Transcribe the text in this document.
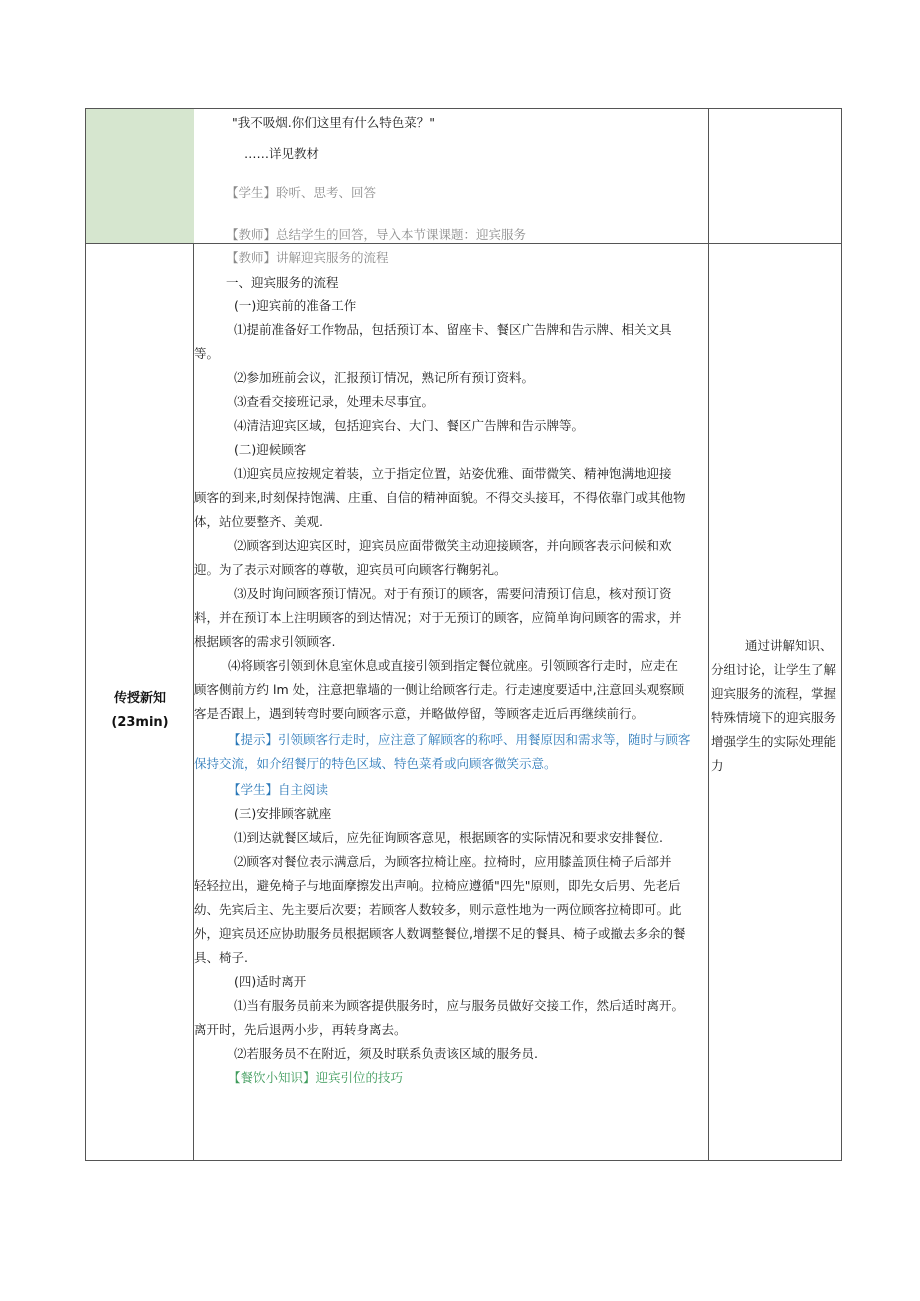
"我不吸烟.你们这里有什么特色菜？"
……详见教材
【学生】聆听、思考、回答
【教师】总结学生的回答，导入本节课课题：迎宾服务
传授新知
(23min)
【教师】讲解迎宾服务的流程
一、迎宾服务的流程
(一)迎宾前的准备工作
⑴提前准备好工作物品，包括预订本、留座卡、餐区广告牌和告示牌、相关文具
等。
⑵参加班前会议，汇报预订情况，熟记所有预订资料。
⑶查看交接班记录，处理未尽事宜。
⑷清洁迎宾区域，包括迎宾台、大门、餐区广告牌和告示牌等。
(二)迎候顾客
⑴迎宾员应按规定着装，立于指定位置，站姿优雅、面带微笑、精神饱满地迎接
顾客的到来,时刻保持饱满、庄重、自信的精神面貌。不得交头接耳，不得依靠门或其他物
体，站位要整齐、美观.
⑵顾客到达迎宾区时，迎宾员应面带微笑主动迎接顾客，并向顾客表示问候和欢
迎。为了表示对顾客的尊敬，迎宾员可向顾客行鞠躬礼。
⑶及时询问顾客预订情况。对于有预订的顾客，需要问清预订信息，核对预订资
料，并在预订本上注明顾客的到达情况；对于无预订的顾客，应简单询问顾客的需求，并
根据顾客的需求引领顾客.
⑷将顾客引领到休息室休息或直接引领到指定餐位就座。引领顾客行走时，应走在
顾客侧前方约 lm 处，注意把靠墙的一侧让给顾客行走。行走速度要适中,注意回头观察顾
客是否跟上，遇到转弯时要向顾客示意，并略做停留，等顾客走近后再继续前行。
【提示】引领顾客行走时，应注意了解顾客的称呼、用餐原因和需求等，随时与顾客
保持交流，如介绍餐厅的特色区域、特色菜肴或向顾客微笑示意。
【学生】自主阅读
(三)安排顾客就座
⑴到达就餐区域后，应先征询顾客意见，根据顾客的实际情况和要求安排餐位.
⑵顾客对餐位表示满意后，为顾客拉椅让座。拉椅时，应用膝盖顶住椅子后部并
轻轻拉出，避免椅子与地面摩擦发出声响。拉椅应遵循"四先"原则，即先女后男、先老后
幼、先宾后主、先主要后次要；若顾客人数较多，则示意性地为一两位顾客拉椅即可。此
外，迎宾员还应协助服务员根据顾客人数调整餐位,增摆不足的餐具、椅子或撤去多余的餐
具、椅子.
(四)适时离开
⑴当有服务员前来为顾客提供服务时，应与服务员做好交接工作，然后适时离开。
离开时，先后退两小步，再转身离去。
⑵若服务员不在附近，须及时联系负责该区域的服务员.
【餐饮小知识】迎宾引位的技巧
通过讲解知识、
分组讨论，让学生了解
迎宾服务的流程，掌握
特殊情境下的迎宾服务
增强学生的实际处理能
力
